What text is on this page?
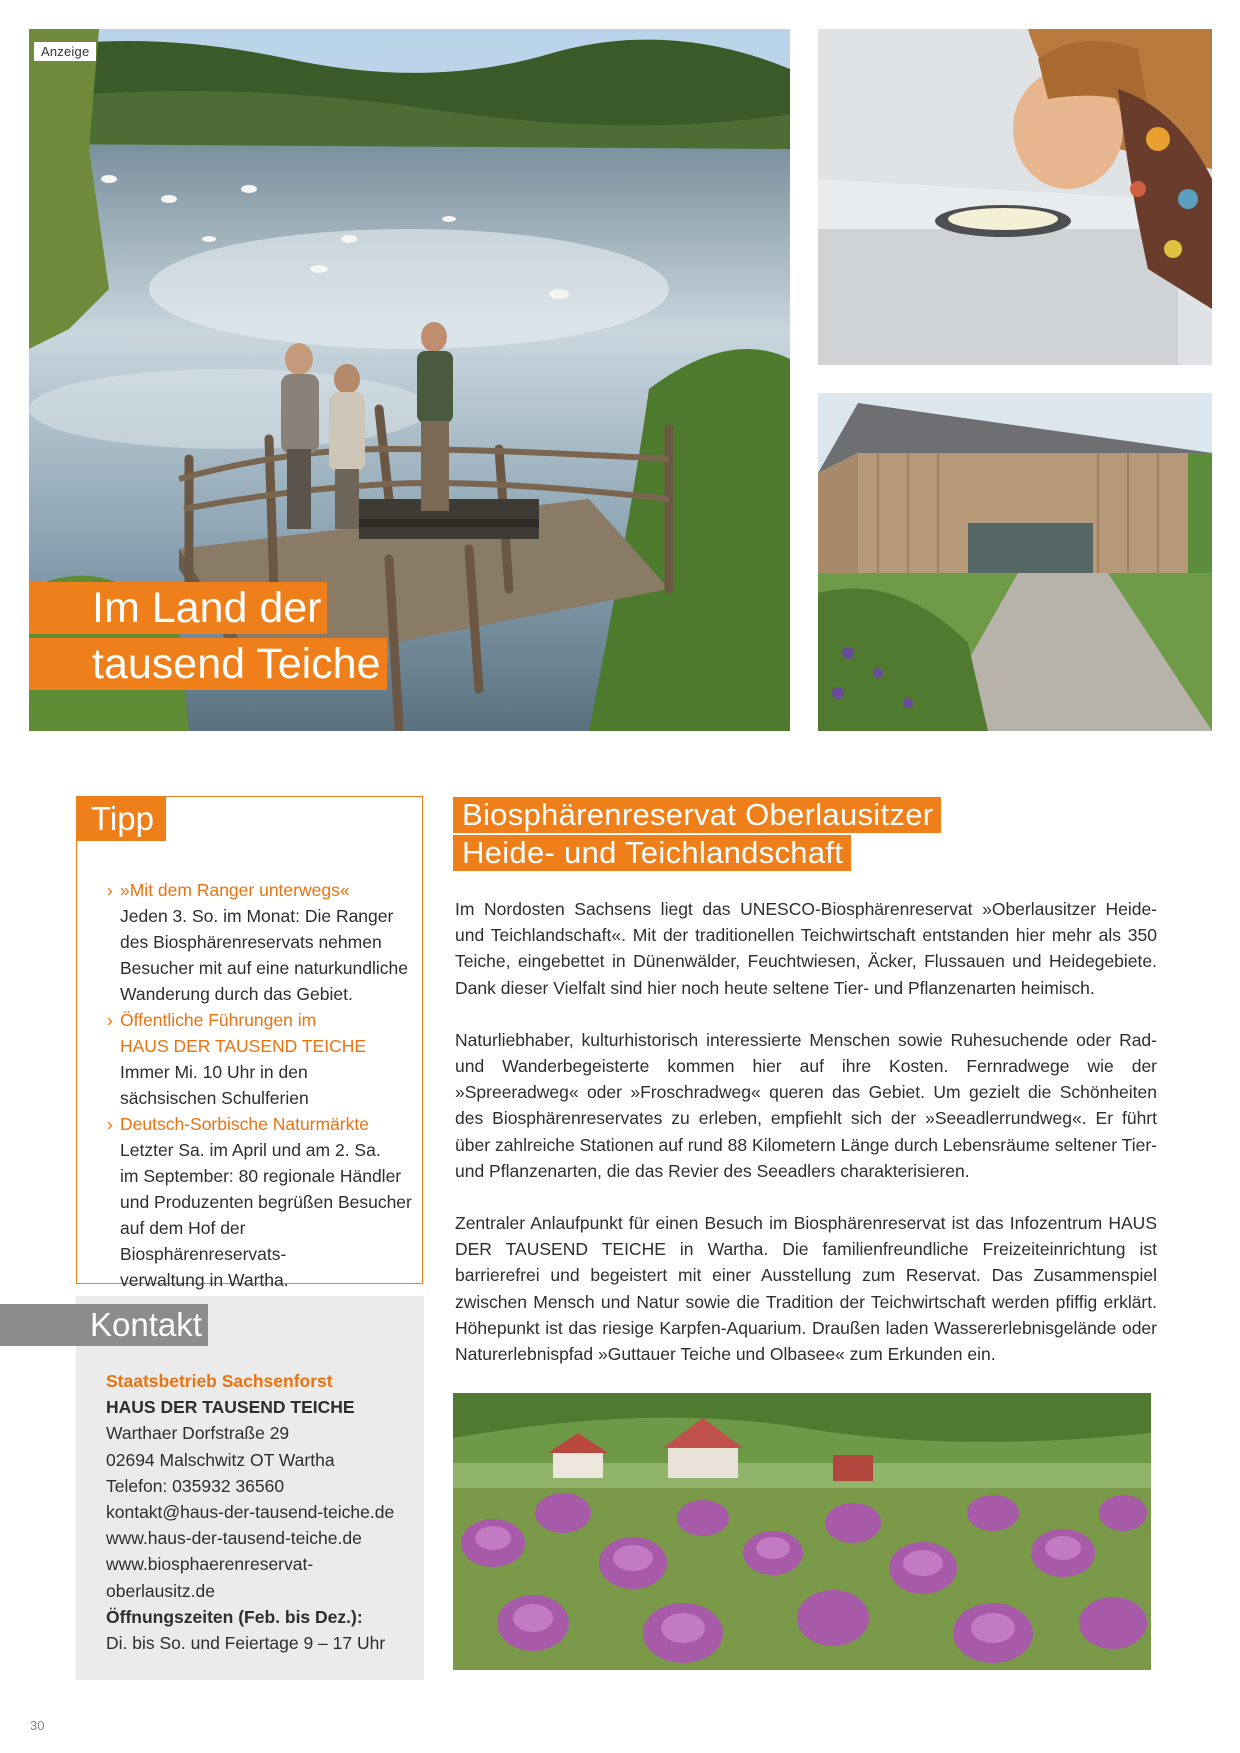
Anzeige
Im Land der
tausend Teiche
Tipp
› »Mit dem Ranger unterwegs«
Jeden 3. So. im Monat: Die Ranger
des Biosphärenreservats nehmen
Besucher mit auf eine naturkundliche
Wanderung durch das Gebiet.
› Öffentliche Führungen im
HAUS DER TAUSEND TEICHE
Immer Mi. 10 Uhr in den
sächsischen Schulferien
› Deutsch-Sorbische Naturmärkte
Letzter Sa. im April und am 2. Sa.
im September: 80 regionale Händler
und Produzenten begrüßen Besucher
auf dem Hof der Biosphärenreservats-
verwaltung in Wartha.
Kontakt
Staatsbetrieb Sachsenforst
HAUS DER TAUSEND TEICHE
Warthaer Dorfstraße 29
02694 Malschwitz OT Wartha
Telefon: 035932 36560
kontakt@haus-der-tausend-teiche.de
www.haus-der-tausend-teiche.de
www.biosphaerenreservat-
oberlausitz.de
Öffnungszeiten (Feb. bis Dez.):
Di. bis So. und Feiertage 9 – 17 Uhr
Biosphärenreservat Oberlausitzer
Heide- und Teichlandschaft

Im Nordosten Sachsens liegt das UNESCO-Biosphärenreservat »Oberlausitzer Heide- und Teichlandschaft«. Mit der traditionellen Teichwirtschaft entstanden hier mehr als 350 Teiche, eingebettet in Dünenwälder, Feuchtwiesen, Äcker, Flussauen und Heidegebiete. Dank dieser Vielfalt sind hier noch heute seltene Tier- und Pflanzenarten heimisch.

Naturliebhaber, kulturhistorisch interessierte Menschen sowie Ruhesuchende oder Rad- und Wanderbegeisterte kommen hier auf ihre Kosten. Fernradwege wie der »Spreeradweg« oder »Froschradweg« queren das Gebiet. Um gezielt die Schönheiten des Biosphärenreservates zu erleben, empfiehlt sich der »Seeadlerrundweg«. Er führt über zahlreiche Stationen auf rund 88 Kilometern Länge durch Lebensräume seltener Tier- und Pflanzenarten, die das Revier des Seeadlers charakterisieren.

Zentraler Anlaufpunkt für einen Besuch im Biosphärenreservat ist das Infozentrum HAUS DER TAUSEND TEICHE in Wartha. Die familienfreundliche Freizeiteinrichtung ist barrierefrei und begeistert mit einer Ausstellung zum Reservat. Das Zusammenspiel zwischen Mensch und Natur sowie die Tradition der Teichwirtschaft werden pfiffig erklärt. Höhepunkt ist das riesige Karpfen-Aquarium. Draußen laden Wassererlebnisgelände oder Naturerlebnispfad »Guttauer Teiche und Olbasee« zum Erkunden ein.

30
